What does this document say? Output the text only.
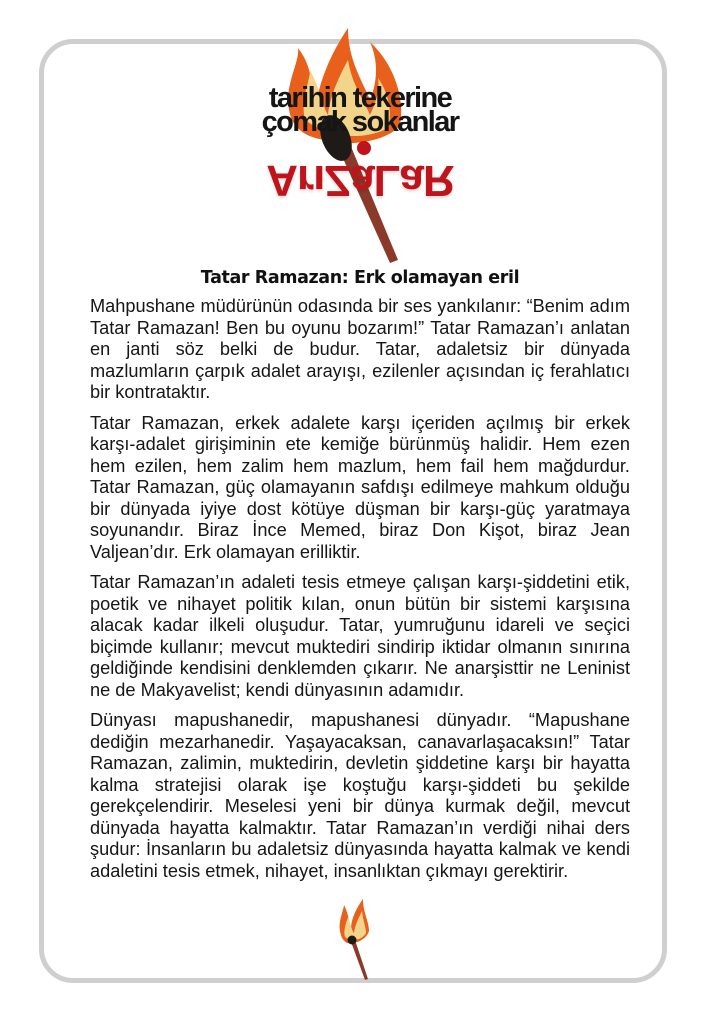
tarihin tekerine
çomak sokanlar
ArıZaLaR
Tatar Ramazan: Erk olamayan eril

Mahpushane müdürünün odasında bir ses yankılanır: “Benim adım Tatar Ramazan! Ben bu oyunu bozarım!” Tatar Ramazan’ı anlatan en janti söz belki de budur. Tatar, adaletsiz bir dünyada mazlumların çarpık adalet arayışı, ezilenler açısından iç ferahlatıcı bir kontrataktır.

Tatar Ramazan, erkek adalete karşı içeriden açılmış bir erkek karşı-adalet girişiminin ete kemiğe bürünmüş halidir. Hem ezen hem ezilen, hem zalim hem mazlum, hem fail hem mağdurdur. Tatar Ramazan, güç olamayanın safdışı edilmeye mahkum olduğu bir dünyada iyiye dost kötüye düşman bir karşı-güç yaratmaya soyunandır. Biraz İnce Memed, biraz Don Kişot, biraz Jean Valjean’dır. Erk olamayan erilliktir.

Tatar Ramazan’ın adaleti tesis etmeye çalışan karşı-şiddetini etik, poetik ve nihayet politik kılan, onun bütün bir sistemi karşısına alacak kadar ilkeli oluşudur. Tatar, yumruğunu idareli ve seçici biçimde kullanır; mevcut muktediri sindirip iktidar olmanın sınırına geldiğinde kendisini denklemden çıkarır. Ne anarşisttir ne Leninist ne de Makyavelist; kendi dünyasının adamıdır.

Dünyası mapushanedir, mapushanesi dünyadır. “Mapushane dediğin mezarhanedir. Yaşayacaksan, canavarlaşacaksın!” Tatar Ramazan, zalimin, muktedirin, devletin şiddetine karşı bir hayatta kalma stratejisi olarak işe koştuğu karşı-şiddeti bu şekilde gerekçelendirir. Meselesi yeni bir dünya kurmak değil, mevcut dünyada hayatta kalmaktır. Tatar Ramazan’ın verdiği nihai ders şudur: İnsanların bu adaletsiz dünyasında hayatta kalmak ve kendi adaletini tesis etmek, nihayet, insanlıktan çıkmayı gerektirir.
